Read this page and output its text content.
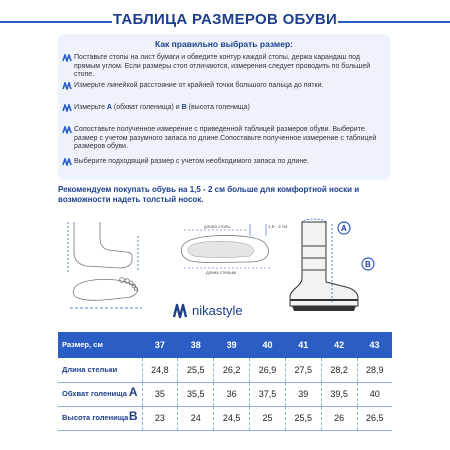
ТАБЛИЦА РАЗМЕРОВ ОБУВИ
Как правильно выбрать размер:
Поставьте стопы на лист бумаги и обведите контур каждой стопы, держа карандаш под прямым углом. Если размеры стоп отличаются, измерения следует проводить по большей стопе.
Измерьте линейкой расстояние от крайней точки большого пальца до пятки.
Измерьте А (обхват голенища) и В (высота голенища)
Сопоставьте полученное измерение с приведенной таблицей размеров обуви. Выберите размер с учетом разумного запаса по длине.Сопоставьте полученное измерение с таблицей размеров обуви.
Выберите подходящий размер с учетом необходимого запаса по длине.
Рекомендуем покупать обувь на 1,5 - 2 см больше для комфортной носки и возможности надеть толстый носок.
длина стопы	1,5 - 2 см
длина стельки
А
В
nikastyle
Размер, см	37	38	39	40	41	42	43
Длина стельки	24,8	25,5	26,2	26,9	27,5	28,2	28,9
Обхват голенища А	35	35,5	36	37,5	39	39,5	40
Высота голенища В	23	24	24,5	25	25,5	26	26,5
